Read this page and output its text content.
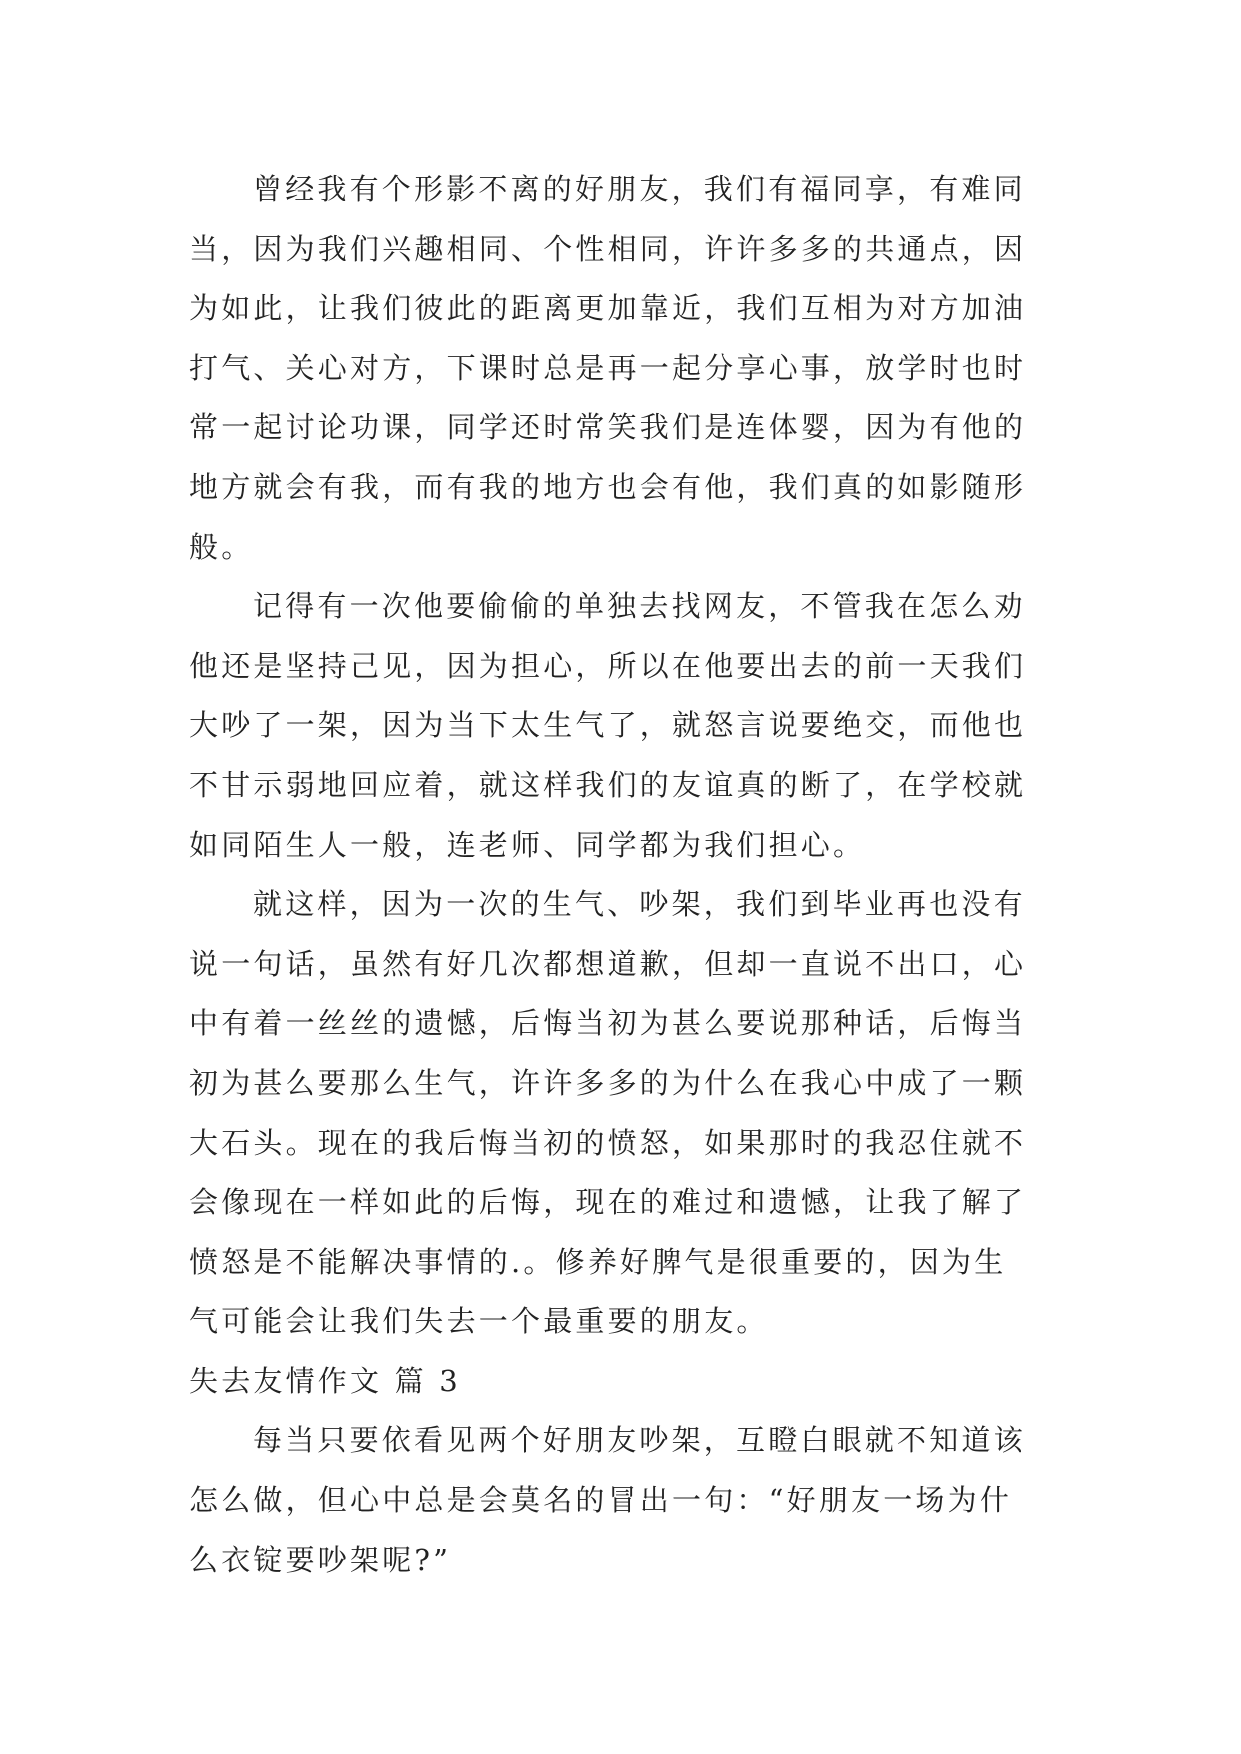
曾经我有个形影不离的好朋友，我们有福同享，有难同
当，因为我们兴趣相同、个性相同，许许多多的共通点，因
为如此，让我们彼此的距离更加靠近，我们互相为对方加油
打气、关心对方，下课时总是再一起分享心事，放学时也时
常一起讨论功课，同学还时常笑我们是连体婴，因为有他的
地方就会有我，而有我的地方也会有他，我们真的如影随形
般。
记得有一次他要偷偷的单独去找网友，不管我在怎么劝
他还是坚持己见，因为担心，所以在他要出去的前一天我们
大吵了一架，因为当下太生气了，就怒言说要绝交，而他也
不甘示弱地回应着，就这样我们的友谊真的断了，在学校就
如同陌生人一般，连老师、同学都为我们担心。
就这样，因为一次的生气、吵架，我们到毕业再也没有
说一句话，虽然有好几次都想道歉，但却一直说不出口，心
中有着一丝丝的遗憾，后悔当初为甚么要说那种话，后悔当
初为甚么要那么生气，许许多多的为什么在我心中成了一颗
大石头。现在的我后悔当初的愤怒，如果那时的我忍住就不
会像现在一样如此的后悔，现在的难过和遗憾，让我了解了
愤怒是不能解决事情的.。修养好脾气是很重要的，因为生
气可能会让我们失去一个最重要的朋友。
失去友情作文 篇 3
每当只要依看见两个好朋友吵架，互瞪白眼就不知道该
怎么做，但心中总是会莫名的冒出一句：“好朋友一场为什
么衣锭要吵架呢?”
